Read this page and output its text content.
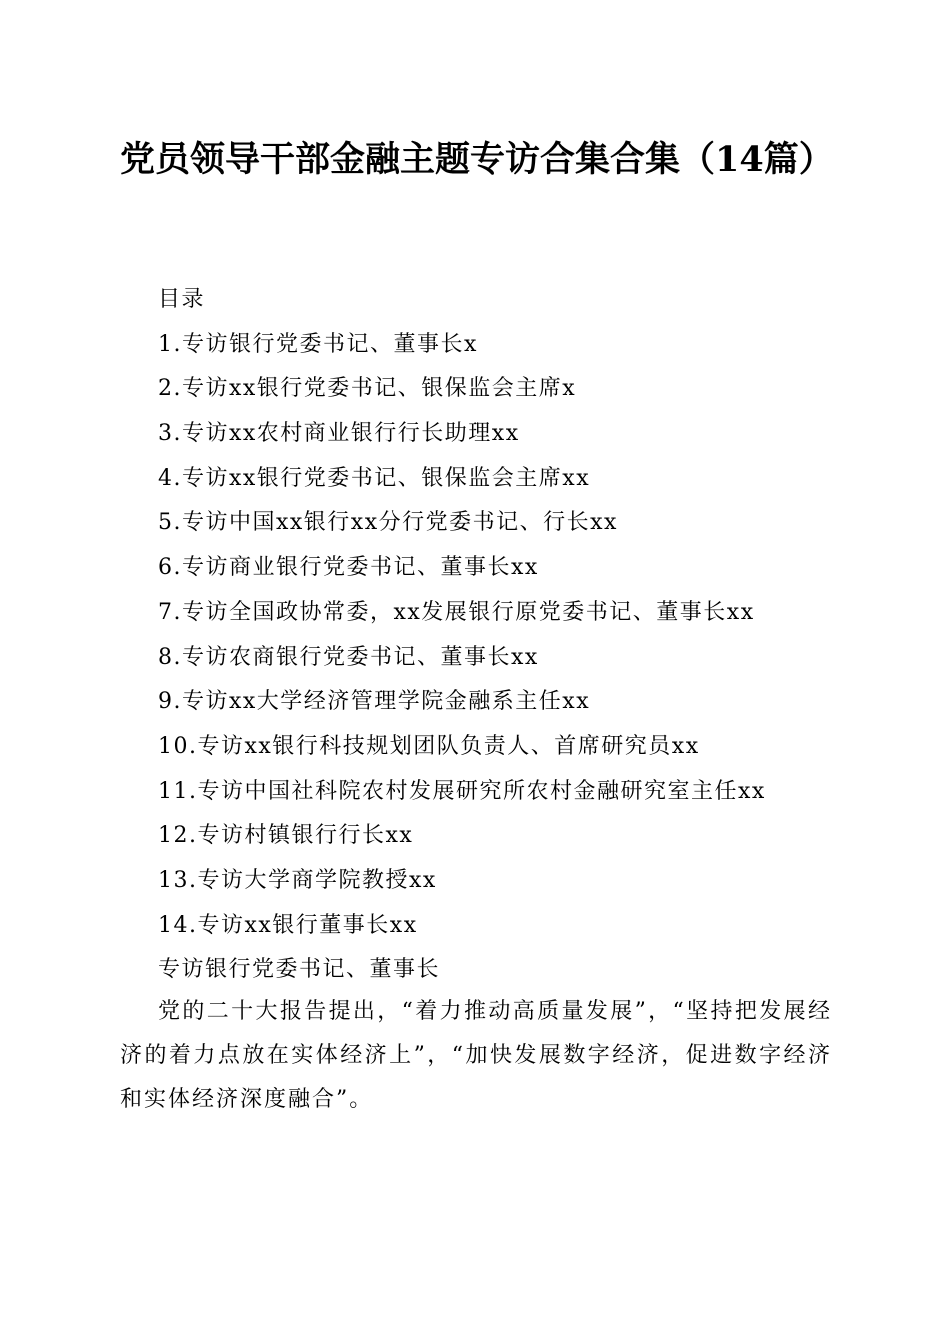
党员领导干部金融主题专访合集合集（14篇）
目录
1.专访银行党委书记、董事长x
2.专访xx银行党委书记、银保监会主席x
3.专访xx农村商业银行行长助理xx
4.专访xx银行党委书记、银保监会主席xx
5.专访中国xx银行xx分行党委书记、行长xx
6.专访商业银行党委书记、董事长xx
7.专访全国政协常委，xx发展银行原党委书记、董事长xx
8.专访农商银行党委书记、董事长xx
9.专访xx大学经济管理学院金融系主任xx
10.专访xx银行科技规划团队负责人、首席研究员xx
11.专访中国社科院农村发展研究所农村金融研究室主任xx
12.专访村镇银行行长xx
13.专访大学商学院教授xx
14.专访xx银行董事长xx
专访银行党委书记、董事长

党的二十大报告提出，“着力推动高质量发展”，“坚持把发展经济的着力点放在实体经济上”，“加快发展数字经济，促进数字经济和实体经济深度融合”。
